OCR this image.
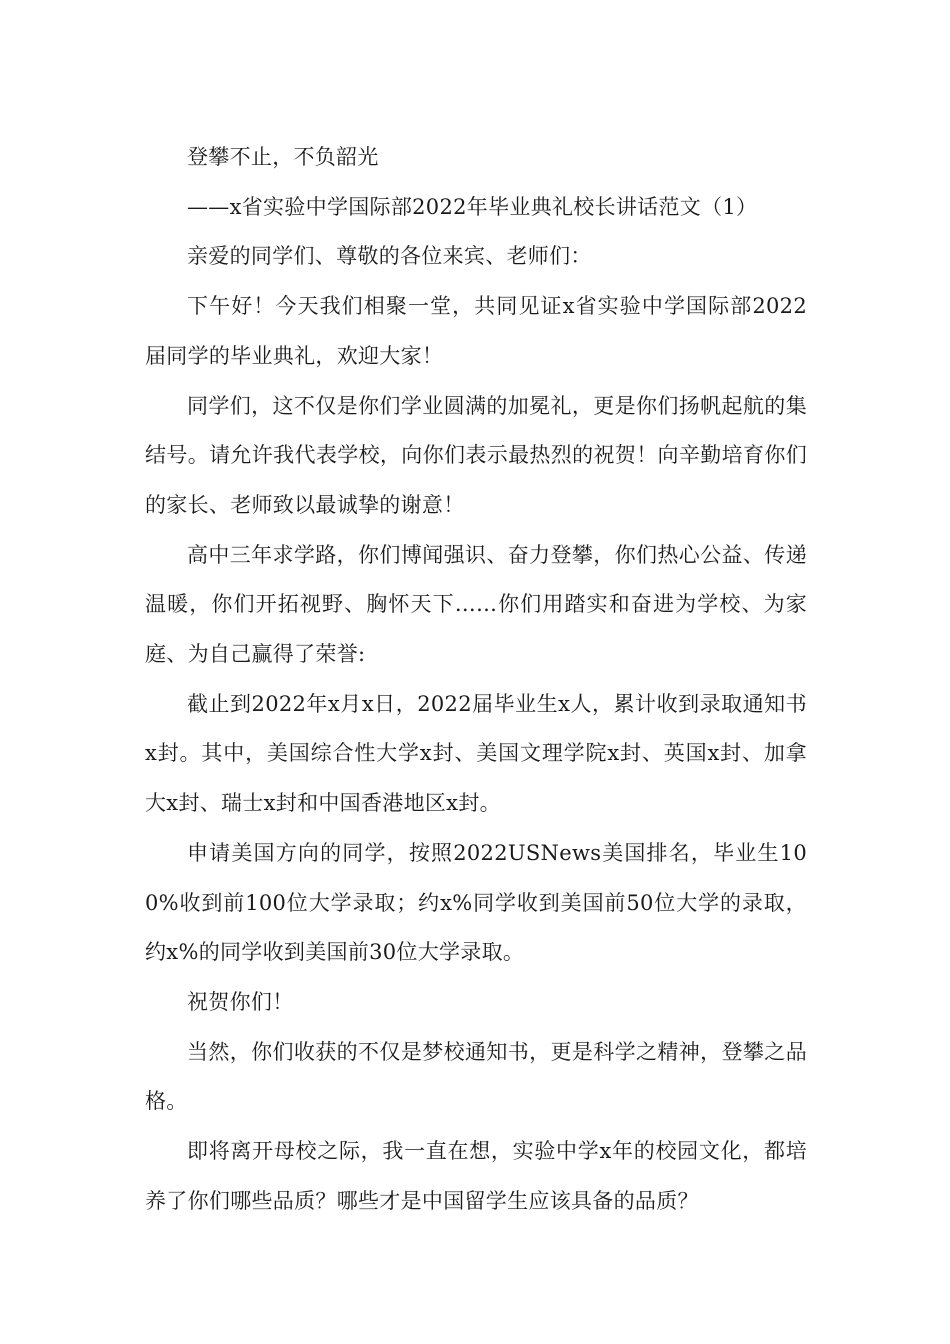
登攀不止，不负韶光

——x省实验中学国际部2022年毕业典礼校长讲话范文（1）

亲爱的同学们、尊敬的各位来宾、老师们：

下午好！今天我们相聚一堂，共同见证x省实验中学国际部2022届同学的毕业典礼，欢迎大家！

同学们，这不仅是你们学业圆满的加冕礼，更是你们扬帆起航的集结号。请允许我代表学校，向你们表示最热烈的祝贺！向辛勤培育你们的家长、老师致以最诚挚的谢意！

高中三年求学路，你们博闻强识、奋力登攀，你们热心公益、传递温暖，你们开拓视野、胸怀天下……你们用踏实和奋进为学校、为家庭、为自己赢得了荣誉:

截止到2022年x月x日，2022届毕业生x人，累计收到录取通知书x封。其中，美国综合性大学x封、美国文理学院x封、英国x封、加拿大x封、瑞士x封和中国香港地区x封。

申请美国方向的同学，按照2022USNews美国排名，毕业生100%收到前100位大学录取；约x%同学收到美国前50位大学的录取，约x%的同学收到美国前30位大学录取。

祝贺你们！

当然，你们收获的不仅是梦校通知书，更是科学之精神，登攀之品格。

即将离开母校之际，我一直在想，实验中学x年的校园文化，都培养了你们哪些品质？哪些才是中国留学生应该具备的品质？
